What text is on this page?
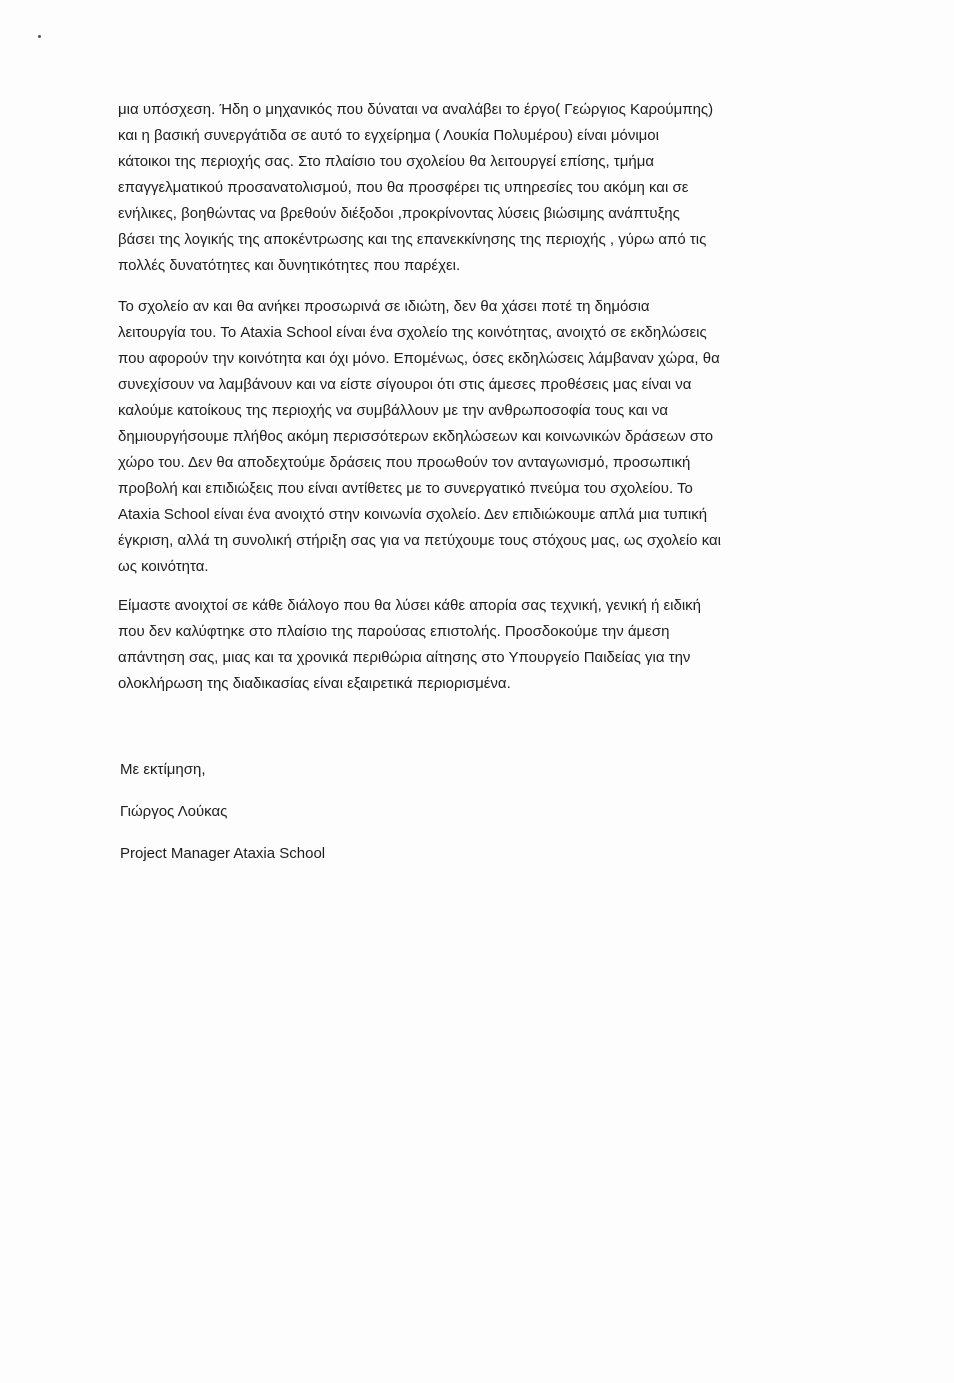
μια υπόσχεση. Ήδη ο μηχανικός που δύναται να αναλάβει το έργο( Γεώργιος Καρούμπης)
και η βασική συνεργάτιδα σε αυτό το εγχείρημα ( Λουκία Πολυμέρου) είναι μόνιμοι
κάτοικοι της περιοχής σας. Στο πλαίσιο του σχολείου θα λειτουργεί επίσης, τμήμα
επαγγελματικού προσανατολισμού, που θα προσφέρει τις υπηρεσίες του ακόμη και σε
ενήλικες, βοηθώντας να βρεθούν διέξοδοι ,προκρίνοντας λύσεις βιώσιμης ανάπτυξης
βάσει της λογικής της αποκέντρωσης και της επανεκκίνησης της περιοχής , γύρω από τις
πολλές δυνατότητες και δυνητικότητες που παρέχει.
Το σχολείο αν και θα ανήκει προσωρινά σε ιδιώτη, δεν θα χάσει ποτέ τη δημόσια
λειτουργία του. Το Ataxia School είναι ένα σχολείο της κοινότητας, ανοιχτό σε εκδηλώσεις
που αφορούν την κοινότητα και όχι μόνο. Επομένως, όσες εκδηλώσεις λάμβαναν χώρα, θα
συνεχίσουν να λαμβάνουν και να είστε σίγουροι ότι στις άμεσες προθέσεις μας είναι να
καλούμε κατοίκους της περιοχής να συμβάλλουν με την ανθρωποσοφία τους και να
δημιουργήσουμε πλήθος ακόμη περισσότερων εκδηλώσεων και κοινωνικών δράσεων στο
χώρο του. Δεν θα αποδεχτούμε δράσεις που προωθούν τον ανταγωνισμό, προσωπική
προβολή και επιδιώξεις που είναι αντίθετες με το συνεργατικό πνεύμα του σχολείου. Το
Ataxia School είναι ένα ανοιχτό στην κοινωνία σχολείο. Δεν επιδιώκουμε απλά μια τυπική
έγκριση, αλλά τη συνολική στήριξη σας για να πετύχουμε τους στόχους μας, ως σχολείο και
ως κοινότητα.
Είμαστε ανοιχτοί σε κάθε διάλογο που θα λύσει κάθε απορία σας τεχνική, γενική ή ειδική
που δεν καλύφτηκε στο πλαίσιο της παρούσας επιστολής. Προσδοκούμε την άμεση
απάντηση σας, μιας και τα χρονικά περιθώρια αίτησης στο Υπουργείο Παιδείας για την
ολοκλήρωση της διαδικασίας είναι εξαιρετικά περιορισμένα.
Με εκτίμηση,
Γιώργος Λούκας
Project Manager Ataxia School
